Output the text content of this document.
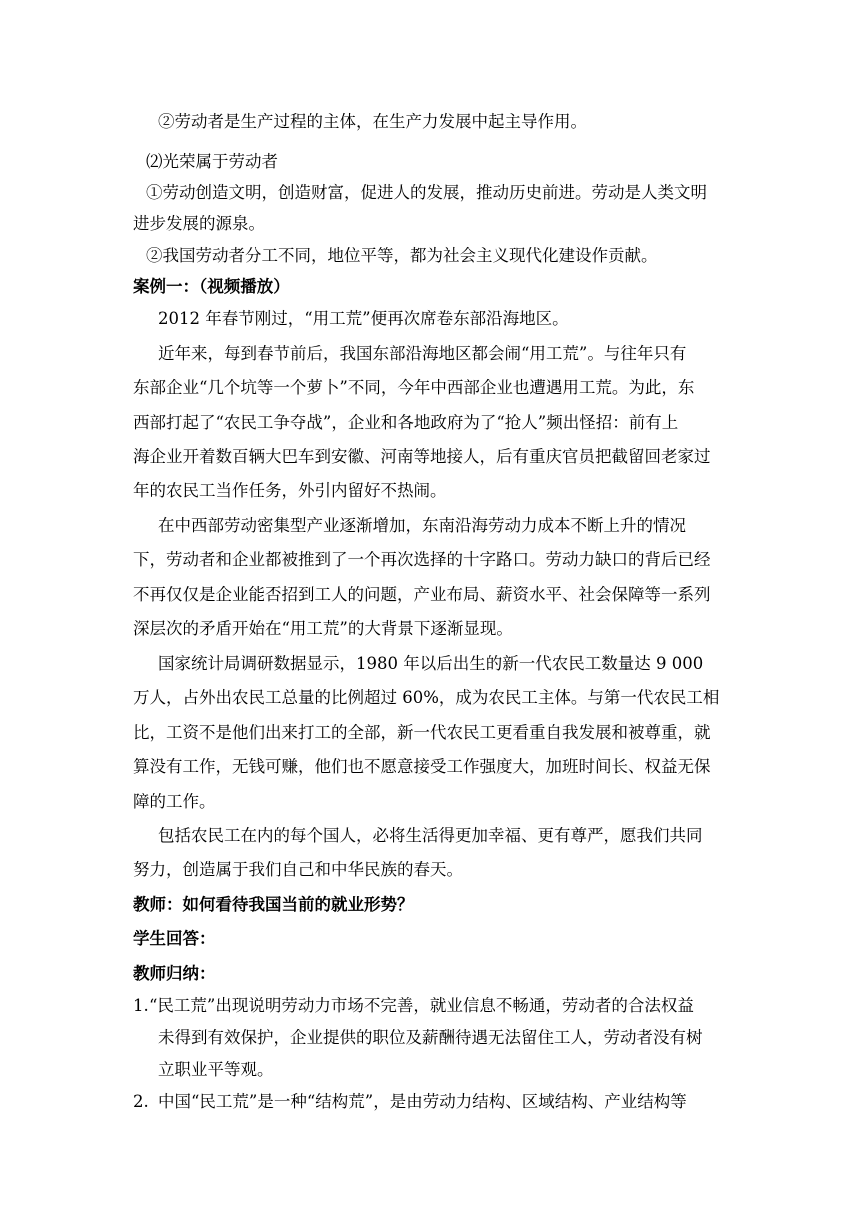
②劳动者是生产过程的主体，在生产力发展中起主导作用。
⑵光荣属于劳动者
①劳动创造文明，创造财富，促进人的发展，推动历史前进。劳动是人类文明
进步发展的源泉。
②我国劳动者分工不同，地位平等，都为社会主义现代化建设作贡献。
案例一：（视频播放）
2012 年春节刚过，“用工荒”便再次席卷东部沿海地区。
近年来，每到春节前后，我国东部沿海地区都会闹“用工荒”。与往年只有
东部企业“几个坑等一个萝卜”不同，今年中西部企业也遭遇用工荒。为此，东
西部打起了“农民工争夺战”，企业和各地政府为了“抢人”频出怪招：前有上
海企业开着数百辆大巴车到安徽、河南等地接人，后有重庆官员把截留回老家过
年的农民工当作任务，外引内留好不热闹。
在中西部劳动密集型产业逐渐增加，东南沿海劳动力成本不断上升的情况
下，劳动者和企业都被推到了一个再次选择的十字路口。劳动力缺口的背后已经
不再仅仅是企业能否招到工人的问题，产业布局、薪资水平、社会保障等一系列
深层次的矛盾开始在“用工荒”的大背景下逐渐显现。
国家统计局调研数据显示，1980 年以后出生的新一代农民工数量达 9 000
万人，占外出农民工总量的比例超过 60%，成为农民工主体。与第一代农民工相
比，工资不是他们出来打工的全部，新一代农民工更看重自我发展和被尊重，就
算没有工作，无钱可赚，他们也不愿意接受工作强度大，加班时间长、权益无保
障的工作。
包括农民工在内的每个国人，必将生活得更加幸福、更有尊严，愿我们共同
努力，创造属于我们自己和中华民族的春天。
教师：如何看待我国当前的就业形势？
学生回答：
教师归纳：
1. “民工荒”出现说明劳动力市场不完善，就业信息不畅通，劳动者的合法权益
未得到有效保护，企业提供的职位及薪酬待遇无法留住工人，劳动者没有树
立职业平等观。
2. 中国“民工荒”是一种“结构荒”，是由劳动力结构、区域结构、产业结构等
